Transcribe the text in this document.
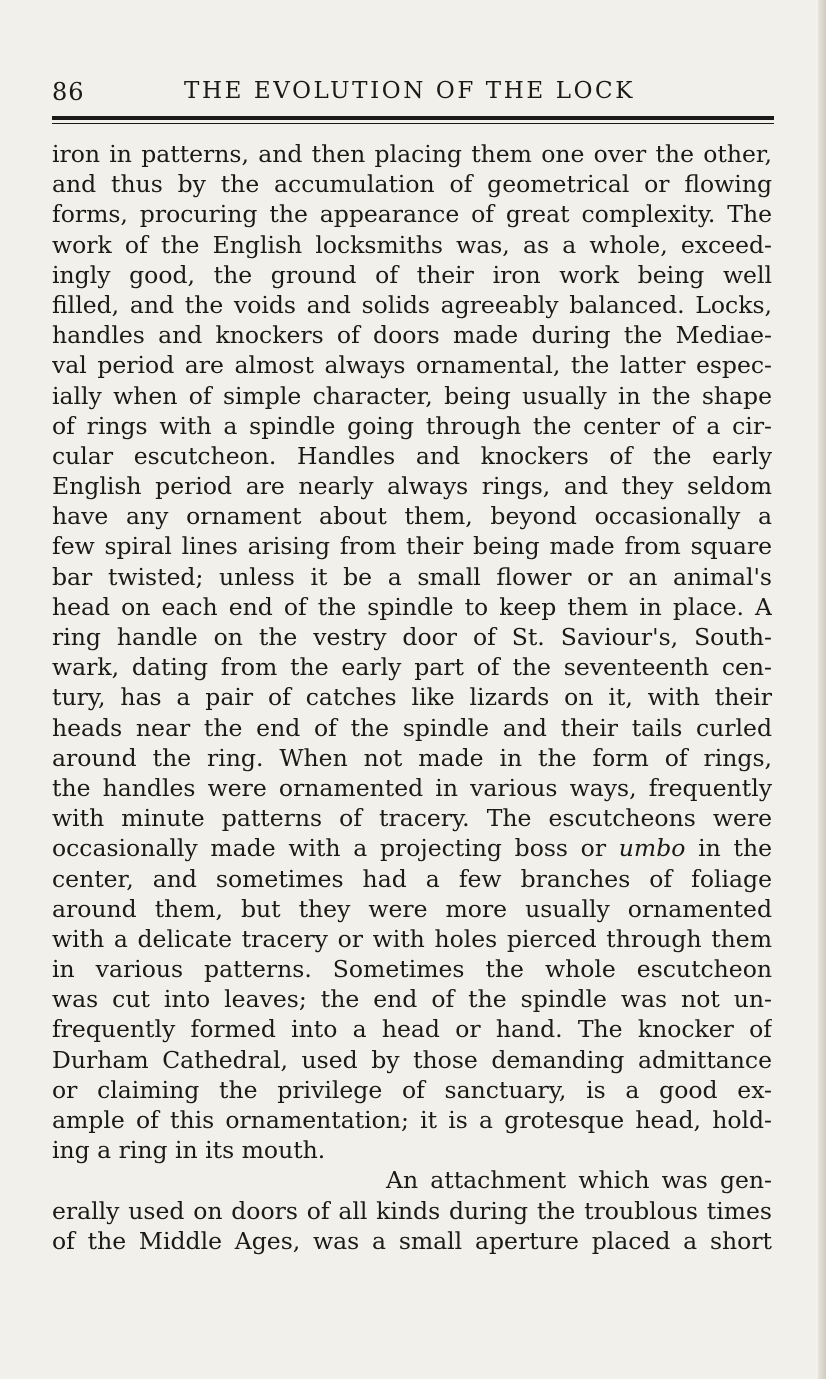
86	THE EVOLUTION OF THE LOCK
iron in patterns, and then placing them one over the other,
and thus by the accumulation of geometrical or flowing
forms, procuring the appearance of great complexity. The
work of the English locksmiths was, as a whole, exceed-
ingly good, the ground of their iron work being well
filled, and the voids and solids agreeably balanced. Locks,
handles and knockers of doors made during the Mediae-
val period are almost always ornamental, the latter espec-
ially when of simple character, being usually in the shape
of rings with a spindle going through the center of a cir-
cular escutcheon. Handles and knockers of the early
English period are nearly always rings, and they seldom
have any ornament about them, beyond occasionally a
few spiral lines arising from their being made from square
bar twisted; unless it be a small flower or an animal's
head on each end of the spindle to keep them in place. A
ring handle on the vestry door of St. Saviour's, South-
wark, dating from the early part of the seventeenth cen-
tury, has a pair of catches like lizards on it, with their
heads near the end of the spindle and their tails curled
around the ring. When not made in the form of rings,
the handles were ornamented in various ways, frequently
with minute patterns of tracery. The escutcheons were
occasionally made with a projecting boss or umbo in the
center, and sometimes had a few branches of foliage
around them, but they were more usually ornamented
with a delicate tracery or with holes pierced through them
in various patterns. Sometimes the whole escutcheon
was cut into leaves; the end of the spindle was not un-
frequently formed into a head or hand. The knocker of
Durham Cathedral, used by those demanding admittance
or claiming the privilege of sanctuary, is a good ex-
ample of this ornamentation; it is a grotesque head, hold-
ing a ring in its mouth.
An attachment which was gen-
erally used on doors of all kinds during the troublous times
of the Middle Ages, was a small aperture placed a short
